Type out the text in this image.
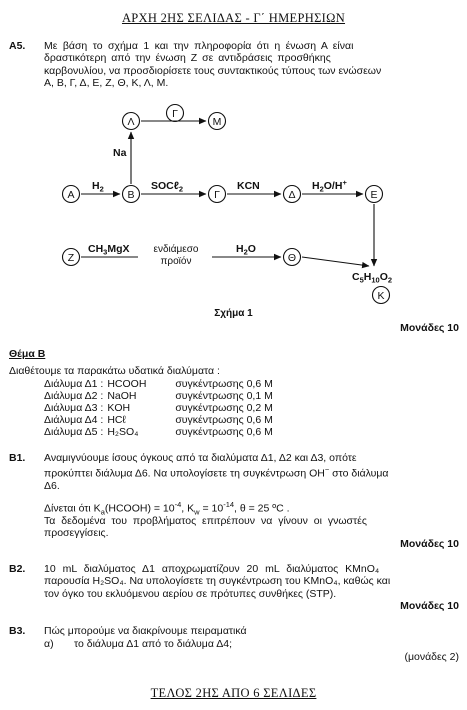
ΑΡΧΗ 2ΗΣ ΣΕΛΙΔΑΣ - Γ΄ ΗΜΕΡΗΣΙΩΝ
A5. Με βάση το σχήμα 1 και την πληροφορία ότι η ένωση Α είναι
δραστικότερη από την ένωση Ζ σε αντιδράσεις προσθήκης
καρβονυλίου, να προσδιορίσετε τους συντακτικούς τύπους των ενώσεων
Α, Β, Γ, Δ, Ε, Ζ, Θ, Κ, Λ, Μ.
Α	Β	Γ	Δ	Ε
Λ	Μ
Γ
Ζ	Θ
Κ
$H_2$	SOCℓ$_2$	KCN	$H_2O/H^+$
Na
$CH_3MgX$	$H_2O$
$C_5H_{10}O_2$
ενδιάμεσο
προϊόν
Σχήμα 1
Μονάδες 10
Θέμα Β
Διαθέτουμε τα παρακάτω υδατικά διαλύματα :
Διάλυμα Δ1 :	HCOOH	συγκέντρωσης 0,6 Μ
Διάλυμα Δ2 :	NaOH	συγκέντρωσης 0,1 Μ
Διάλυμα Δ3 :	KOH	συγκέντρωσης 0,2 Μ
Διάλυμα Δ4 :	HCℓ	συγκέντρωσης 0,6 Μ
Διάλυμα Δ5 :	H₂SO₄	συγκέντρωσης 0,6 Μ
B1. Αναμιγνύουμε ίσους όγκους από τα διαλύματα Δ1, Δ2 και Δ3, οπότε
προκύπτει διάλυμα Δ6. Να υπολογίσετε τη συγκέντρωση OH− στο διάλυμα
Δ6.
Δίνεται ότι $K_a(HCOOH) = 10^{-4}$, $K_w = 10^{-14}$, θ = 25 ºC .
Τα δεδομένα του προβλήματος επιτρέπουν να γίνουν οι γνωστές
προσεγγίσεις.
Μονάδες 10
B2. 10 mL διαλύματος Δ1 αποχρωματίζουν 20 mL διαλύματος KMnO₄
παρουσία H₂SO₄. Να υπολογίσετε τη συγκέντρωση του KMnO₄, καθώς και
τον όγκο του εκλυόμενου αερίου σε πρότυπες συνθήκες (STP).
Μονάδες 10
B3. Πώς μπορούμε να διακρίνουμε πειραματικά
α) το διάλυμα Δ1 από το διάλυμα Δ4;
(μονάδες 2)
ΤΕΛΟΣ 2ΗΣ ΑΠΟ 6 ΣΕΛΙΔΕΣ
